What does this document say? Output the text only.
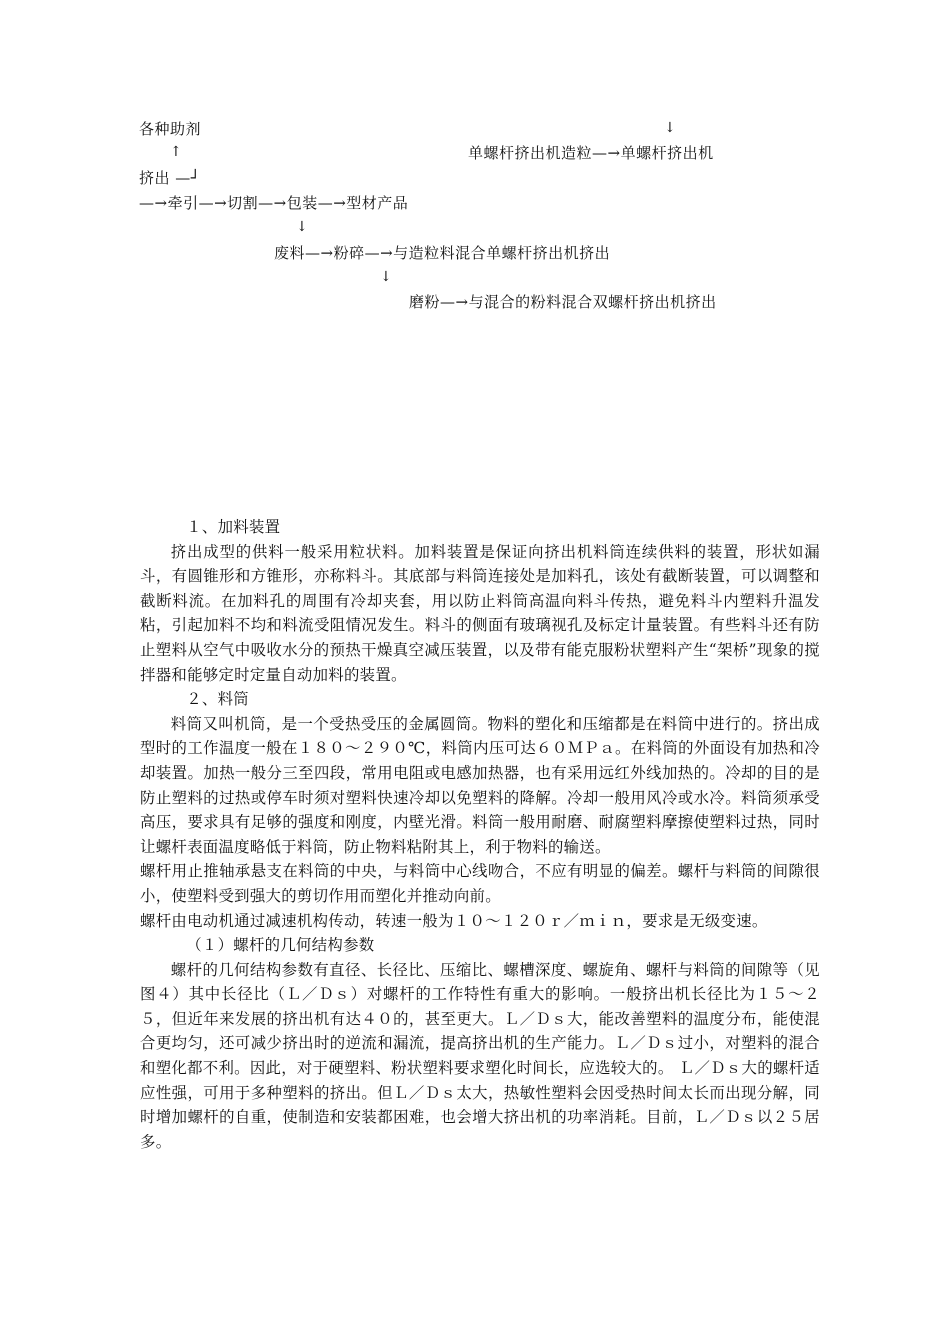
各种助剂	↓
↑	单螺杆挤出机造粒—→单螺杆挤出机
挤出 —┘
—→牵引—→切割—→包装—→型材产品
↓
废料—→粉碎—→与造粒料混合单螺杆挤出机挤出
↓
磨粉—→与混合的粉料混合双螺杆挤出机挤出

１、加料装置

挤出成型的供料一般采用粒状料。加料装置是保证向挤出机料筒连续供料的装置，形状如漏斗，有圆锥形和方锥形，亦称料斗。其底部与料筒连接处是加料孔，该处有截断装置，可以调整和截断料流。在加料孔的周围有冷却夹套，用以防止料筒高温向料斗传热，避免料斗内塑料升温发粘，引起加料不均和料流受阻情况发生。料斗的侧面有玻璃视孔及标定计量装置。有些料斗还有防止塑料从空气中吸收水分的预热干燥真空减压装置，以及带有能克服粉状塑料产生“架桥”现象的搅拌器和能够定时定量自动加料的装置。

２、料筒

料筒又叫机筒，是一个受热受压的金属圆筒。物料的塑化和压缩都是在料筒中进行的。挤出成型时的工作温度一般在１８０～２９０℃，料筒内压可达６０ＭＰａ。在料筒的外面设有加热和冷却装置。加热一般分三至四段，常用电阻或电感加热器，也有采用远红外线加热的。冷却的目的是防止塑料的过热或停车时须对塑料快速冷却以免塑料的降解。冷却一般用风冷或水冷。料筒须承受高压，要求具有足够的强度和刚度，内壁光滑。料筒一般用耐磨、耐腐塑料摩擦使塑料过热，同时让螺杆表面温度略低于料筒，防止物料粘附其上，利于物料的输送。

螺杆用止推轴承悬支在料筒的中央，与料筒中心线吻合，不应有明显的偏差。螺杆与料筒的间隙很小，使塑料受到强大的剪切作用而塑化并推动向前。

螺杆由电动机通过减速机构传动，转速一般为１０～１２０ｒ／ｍｉｎ，要求是无级变速。

（１）螺杆的几何结构参数

螺杆的几何结构参数有直径、长径比、压缩比、螺槽深度、螺旋角、螺杆与料筒的间隙等（见图４）其中长径比（Ｌ／Ｄｓ）对螺杆的工作特性有重大的影响。一般挤出机长径比为１５～２５，但近年来发展的挤出机有达４０的，甚至更大。Ｌ／Ｄｓ大，能改善塑料的温度分布，能使混合更均匀，还可减少挤出时的逆流和漏流，提高挤出机的生产能力。Ｌ／Ｄｓ过小，对塑料的混合和塑化都不利。因此，对于硬塑料、粉状塑料要求塑化时间长，应选较大的。 Ｌ／Ｄｓ大的螺杆适应性强，可用于多种塑料的挤出。但Ｌ／Ｄｓ太大，热敏性塑料会因受热时间太长而出现分解，同时增加螺杆的自重，使制造和安装都困难，也会增大挤出机的功率消耗。目前，Ｌ／Ｄｓ以２５居多。
